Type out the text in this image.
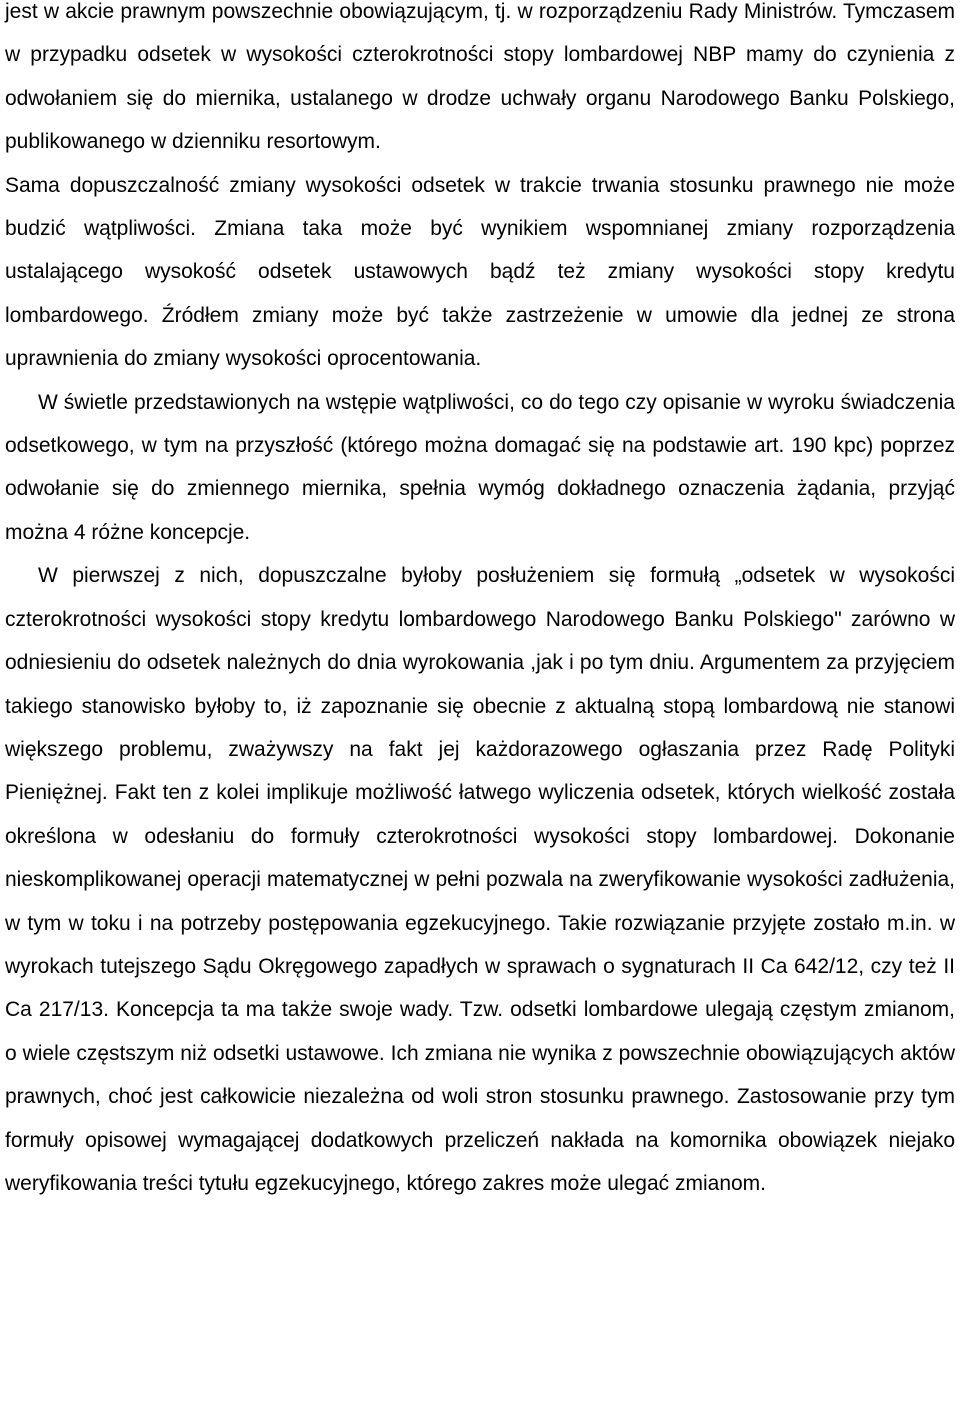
jest w akcie prawnym powszechnie obowiązującym, tj. w rozporządzeniu Rady Ministrów. Tymczasem w przypadku odsetek w wysokości czterokrotności stopy lombardowej NBP mamy do czynienia z odwołaniem się do miernika, ustalanego w drodze uchwały organu Narodowego Banku Polskiego, publikowanego w dzienniku resortowym.

Sama dopuszczalność zmiany wysokości odsetek w trakcie trwania stosunku prawnego nie może budzić wątpliwości. Zmiana taka może być wynikiem wspomnianej zmiany rozporządzenia ustalającego wysokość odsetek ustawowych bądź też zmiany wysokości stopy kredytu lombardowego. Źródłem zmiany może być także zastrzeżenie w umowie dla jednej ze strona uprawnienia do zmiany wysokości oprocentowania.

W świetle przedstawionych na wstępie wątpliwości, co do tego czy opisanie w wyroku świadczenia odsetkowego, w tym na przyszłość (którego można domagać się na podstawie art. 190 kpc) poprzez odwołanie się do zmiennego miernika, spełnia wymóg dokładnego oznaczenia żądania, przyjąć można 4 różne koncepcje.

W pierwszej z nich, dopuszczalne byłoby posłużeniem się formułą „odsetek w wysokości czterokrotności wysokości stopy kredytu lombardowego Narodowego Banku Polskiego" zarówno w odniesieniu do odsetek należnych do dnia wyrokowania ,jak i po tym dniu. Argumentem za przyjęciem takiego stanowisko byłoby to, iż zapoznanie się obecnie z aktualną stopą lombardową nie stanowi większego problemu, zważywszy na fakt jej każdorazowego ogłaszania przez Radę Polityki Pieniężnej. Fakt ten z kolei implikuje możliwość łatwego wyliczenia odsetek, których wielkość została określona w odesłaniu do formuły czterokrotności wysokości stopy lombardowej. Dokonanie nieskomplikowanej operacji matematycznej w pełni pozwala na zweryfikowanie wysokości zadłużenia, w tym w toku i na potrzeby postępowania egzekucyjnego. Takie rozwiązanie przyjęte zostało m.in. w wyrokach tutejszego Sądu Okręgowego zapadłych w sprawach o sygnaturach II Ca 642/12, czy też II Ca 217/13. Koncepcja ta ma także swoje wady. Tzw. odsetki lombardowe ulegają częstym zmianom, o wiele częstszym niż odsetki ustawowe. Ich zmiana nie wynika z powszechnie obowiązujących aktów prawnych, choć jest całkowicie niezależna od woli stron stosunku prawnego. Zastosowanie przy tym formuły opisowej wymagającej dodatkowych przeliczeń nakłada na komornika obowiązek niejako weryfikowania treści tytułu egzekucyjnego, którego zakres może ulegać zmianom.
